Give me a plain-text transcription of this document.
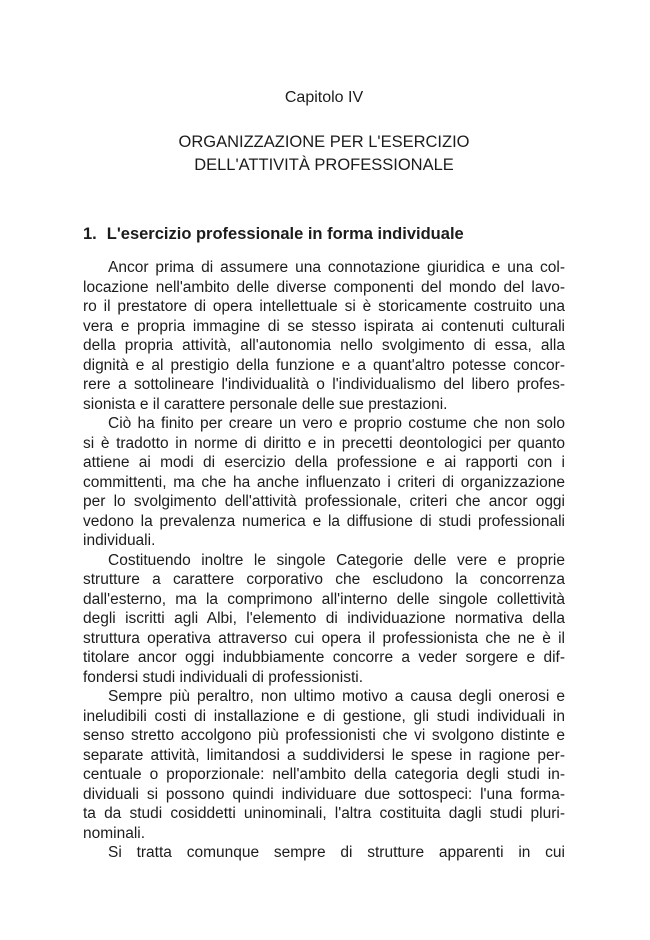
Capitolo IV
ORGANIZZAZIONE PER L'ESERCIZIO
DELL'ATTIVITÀ PROFESSIONALE
1. L'esercizio professionale in forma individuale

Ancor prima di assumere una connotazione giuridica e una col-
locazione nell'ambito delle diverse componenti del mondo del lavo-
ro il prestatore di opera intellettuale si è storicamente costruito una
vera e propria immagine di se stesso ispirata ai contenuti culturali
della propria attività, all'autonomia nello svolgimento di essa, alla
dignità e al prestigio della funzione e a quant'altro potesse concor-
rere a sottolineare l'individualità o l'individualismo del libero profes-
sionista e il carattere personale delle sue prestazioni.

Ciò ha finito per creare un vero e proprio costume che non solo
si è tradotto in norme di diritto e in precetti deontologici per quanto
attiene ai modi di esercizio della professione e ai rapporti con i
committenti, ma che ha anche influenzato i criteri di organizzazione
per lo svolgimento dell'attività professionale, criteri che ancor oggi
vedono la prevalenza numerica e la diffusione di studi professionali
individuali.

Costituendo inoltre le singole Categorie delle vere e proprie
strutture a carattere corporativo che escludono la concorrenza
dall'esterno, ma la comprimono all'interno delle singole collettività
degli iscritti agli Albi, l'elemento di individuazione normativa della
struttura operativa attraverso cui opera il professionista che ne è il
titolare ancor oggi indubbiamente concorre a veder sorgere e dif-
fondersi studi individuali di professionisti.

Sempre più peraltro, non ultimo motivo a causa degli onerosi e
ineludibili costi di installazione e di gestione, gli studi individuali in
senso stretto accolgono più professionisti che vi svolgono distinte e
separate attività, limitandosi a suddividersi le spese in ragione per-
centuale o proporzionale: nell'ambito della categoria degli studi in-
dividuali si possono quindi individuare due sottospeci: l'una forma-
ta da studi cosiddetti uninominali, l'altra costituita dagli studi pluri-
nominali.

Si tratta comunque sempre di strutture apparenti in cui
